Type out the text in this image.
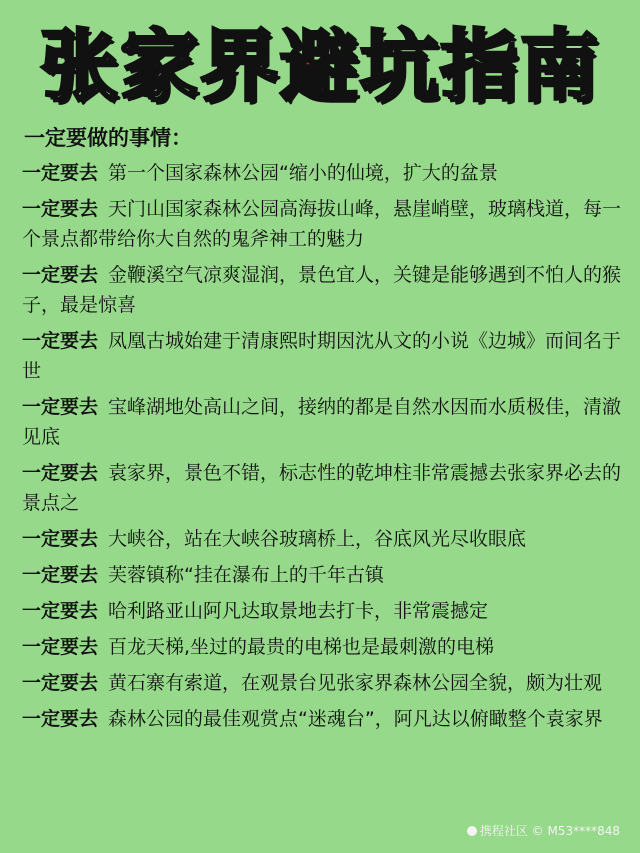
张家界避坑指南
一定要做的事情：
一定要去 第一个国家森林公园“缩小的仙境，扩大的盆景
一定要去 天门山国家森林公园高海拔山峰，悬崖峭壁，玻璃栈道，每一个景点都带给你大自然的鬼斧神工的魅力
一定要去 金鞭溪空气凉爽湿润，景色宜人，关键是能够遇到不怕人的猴子，最是惊喜
一定要去 凤凰古城始建于清康熙时期因沈从文的小说《边城》而间名于世
一定要去 宝峰湖地处高山之间，接纳的都是自然水因而水质极佳，清澈见底
一定要去 袁家界，景色不错，标志性的乾坤柱非常震撼去张家界必去的景点之
一定要去 大峡谷，站在大峡谷玻璃桥上，谷底风光尽收眼底
一定要去 芙蓉镇称“挂在瀑布上的千年古镇
一定要去 哈利路亚山阿凡达取景地去打卡，非常震撼定
一定要去 百龙天梯,坐过的最贵的电梯也是最刺激的电梯
一定要去 黄石寨有索道，在观景台见张家界森林公园全貌，颇为壮观
一定要去 森林公园的最佳观赏点“迷魂台”，阿凡达以俯瞰整个袁家界
携程社区 © M53****848
